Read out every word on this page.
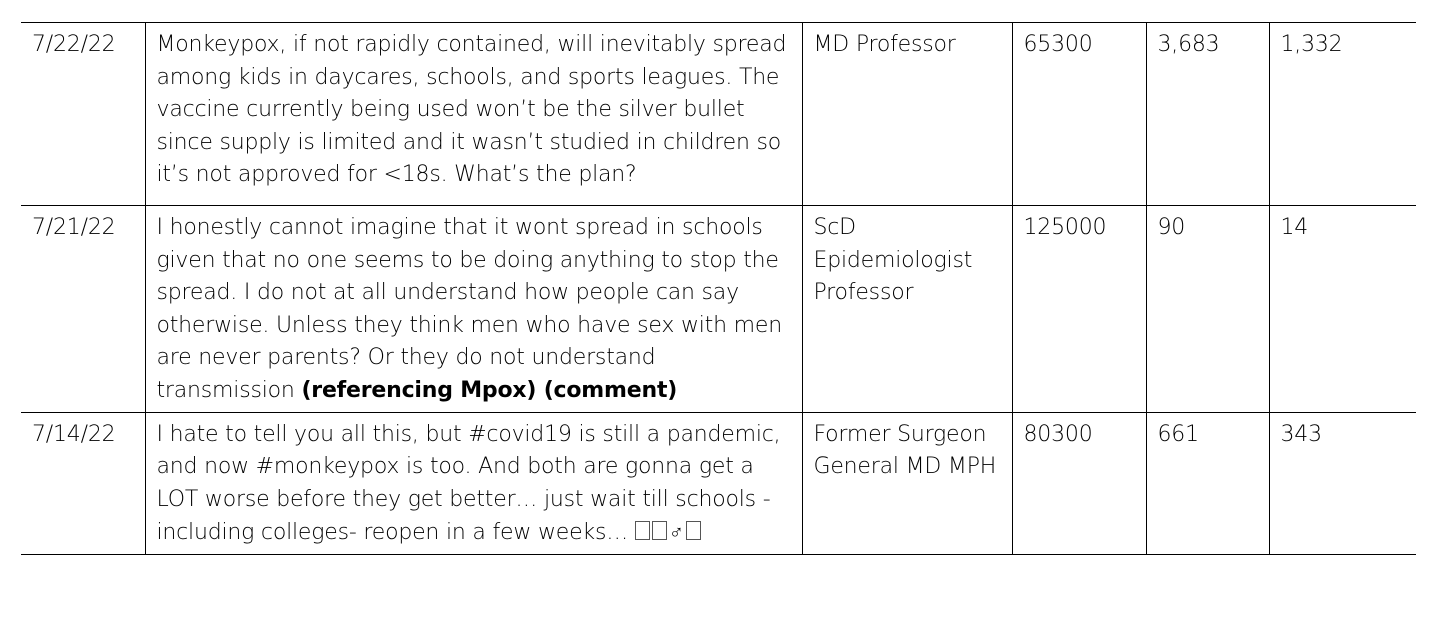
7/22/22	Monkeypox, if not rapidly contained, will inevitably spread among kids in daycares, schools, and sports leagues. The vaccine currently being used won’t be the silver bullet since supply is limited and it wasn’t studied in children so it’s not approved for <18s. What’s the plan?	MD Professor	65300	3,683	1,332
7/21/22	I honestly cannot imagine that it wont spread in schools given that no one seems to be doing anything to stop the spread. I do not at all understand how people can say otherwise. Unless they think men who have sex with men are never parents? Or they do not understand transmission (referencing Mpox) (comment)	ScD Epidemiologist Professor	125000	90	14
7/14/22	I hate to tell you all this, but #covid19 is still a pandemic, and now #monkeypox is too. And both are gonna get a LOT worse before they get better… just wait till schools - including colleges- reopen in a few weeks… ♂	Former Surgeon General MD MPH	80300	661	343
